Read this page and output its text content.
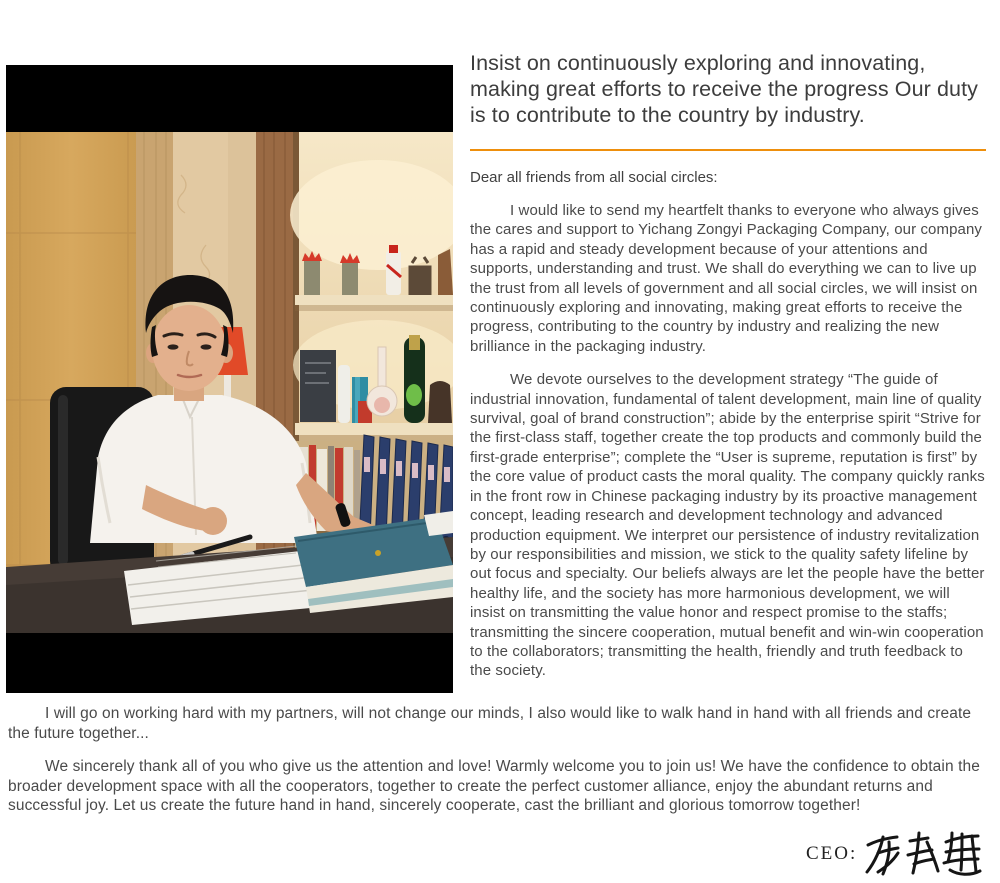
Insist on continuously exploring and innovating, making great efforts to receive the progress Our duty is to contribute to the country by industry.

Dear all friends from all social circles:

I would like to send my heartfelt thanks to everyone who always gives the cares and support to Yichang Zongyi Packaging Company, our company has a rapid and steady development because of your attentions and supports, understanding and trust. We shall do everything we can to live up the trust from all levels of government and all social circles, we will insist on continuously exploring and innovating, making great efforts to receive the progress, contributing to the country by industry and realizing the new brilliance in the packaging industry.

We devote ourselves to the development strategy “The guide of industrial innovation, fundamental of talent development, main line of quality survival, goal of brand construction”; abide by the enterprise spirit “Strive for the first-class staff, together create the top products and commonly build the first-grade enterprise”; complete the “User is supreme, reputation is first” by the core value of product casts the moral quality. The company quickly ranks in the front row in Chinese packaging industry by its proactive management concept, leading research and development technology and advanced production equipment. We interpret our persistence of industry revitalization by our responsibilities and mission, we stick to the quality safety lifeline by out focus and specialty. Our beliefs always are let the people have the better healthy life, and the society has more harmonious development, we will insist on transmitting the value honor and respect promise to the staffs; transmitting the sincere cooperation, mutual benefit and win-win cooperation to the collaborators; transmitting the health, friendly and truth feedback to the society.

I will go on working hard with my partners, will not change our minds, I also would like to walk hand in hand with all friends and create the future together...

We sincerely thank all of you who give us the attention and love! Warmly welcome you to join us! We have the confidence to obtain the broader development space with all the cooperators, together to create the perfect customer alliance, enjoy the abundant returns and successful joy. Let us create the future hand in hand, sincerely cooperate, cast the brilliant and glorious tomorrow together!

CEO:
